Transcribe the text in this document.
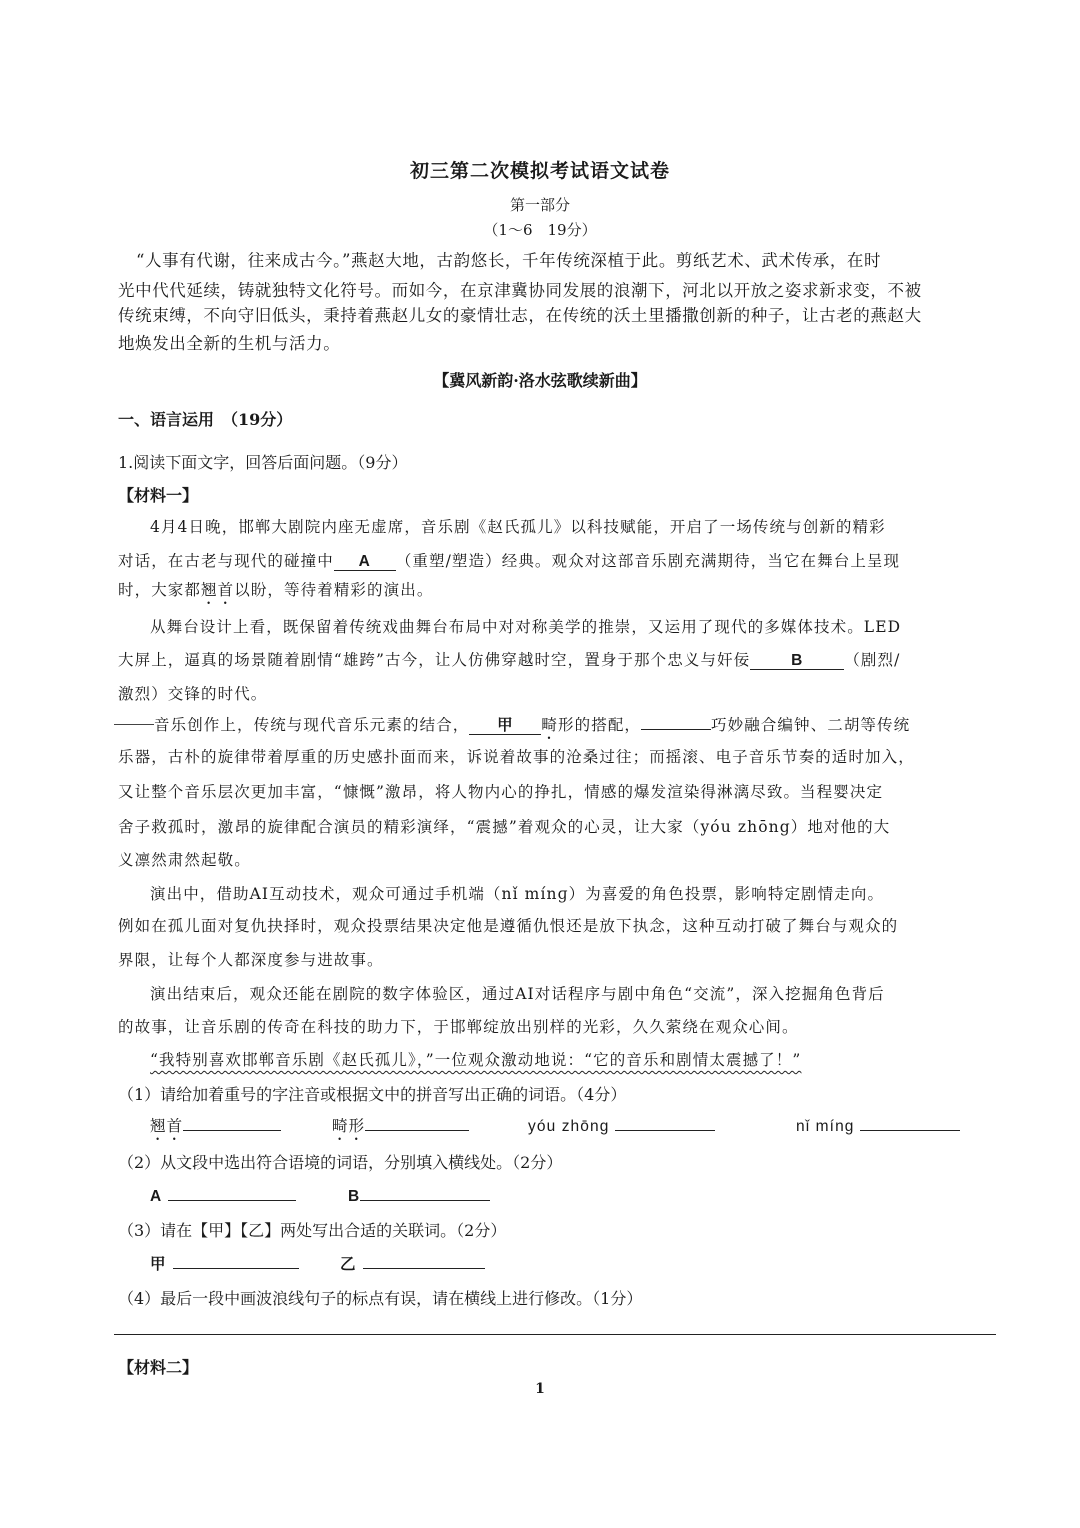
初三第二次模拟考试语文试卷
第一部分
（1～6　19分）
“人事有代谢，往来成古今。”燕赵大地，古韵悠长，千年传统深植于此。剪纸艺术、武术传承，在时
光中代代延续，铸就独特文化符号。而如今，在京津冀协同发展的浪潮下，河北以开放之姿求新求变，不被
传统束缚，不向守旧低头，秉持着燕赵儿女的豪情壮志，在传统的沃土里播撒创新的种子，让古老的燕赵大
地焕发出全新的生机与活力。
【冀风新韵·洛水弦歌续新曲】
一、语言运用　（19分）
1.阅读下面文字，回答后面问题。（9分）
【材料一】
4月4日晚，邯郸大剧院内座无虚席，音乐剧《赵氏孤儿》以科技赋能，开启了一场传统与创新的精彩
对话，在古老与现代的碰撞中 A （重塑/塑造）经典。观众对这部音乐剧充满期待，当它在舞台上呈现
时，大家都翘首以盼，等待着精彩的演出。
从舞台设计上看，既保留着传统戏曲舞台布局中对对称美学的推崇，又运用了现代的多媒体技术。LED
大屏上，逼真的场景随着剧情“雄跨”古今，让人仿佛穿越时空，置身于那个忠义与奸佞	B	（剧烈/
激烈）交锋的时代。
音乐创作上，传统与现代音乐元素的结合， 甲 畸形的搭配，	巧妙融合编钟、二胡等传统
乐器，古朴的旋律带着厚重的历史感扑面而来，诉说着故事的沧桑过往；而摇滚、电子音乐节奏的适时加入，
又让整个音乐层次更加丰富，“慷慨”激昂，将人物内心的挣扎，情感的爆发渲染得淋漓尽致。当程婴决定
舍子救孤时，激昂的旋律配合演员的精彩演绎，“震撼”着观众的心灵，让大家（yóu zhōng）地对他的大
义凛然肃然起敬。
演出中，借助AI互动技术，观众可通过手机端（nǐ mínɡ）为喜爱的角色投票，影响特定剧情走向。
例如在孤儿面对复仇抉择时，观众投票结果决定他是遵循仇恨还是放下执念，这种互动打破了舞台与观众的
界限，让每个人都深度参与进故事。
演出结束后，观众还能在剧院的数字体验区，通过AI对话程序与剧中角色“交流”，深入挖掘角色背后
的故事，让音乐剧的传奇在科技的助力下，于邯郸绽放出别样的光彩，久久萦绕在观众心间。
“我特别喜欢邯郸音乐剧《赵氏孤儿》，”一位观众激动地说：“它的音乐和剧情太震撼了！”
（1）请给加着重号的字注音或根据文中的拼音写出正确的词语。（4分）
翘首	畸形	yóu zhōng	nǐ mínɡ
（2）从文段中选出符合语境的词语，分别填入横线处。（2分）
A	B
（3）请在【甲】【乙】两处写出合适的关联词。（2分）
甲	乙
（4）最后一段中画波浪线句子的标点有误，请在横线上进行修改。（1分）
【材料二】
1
